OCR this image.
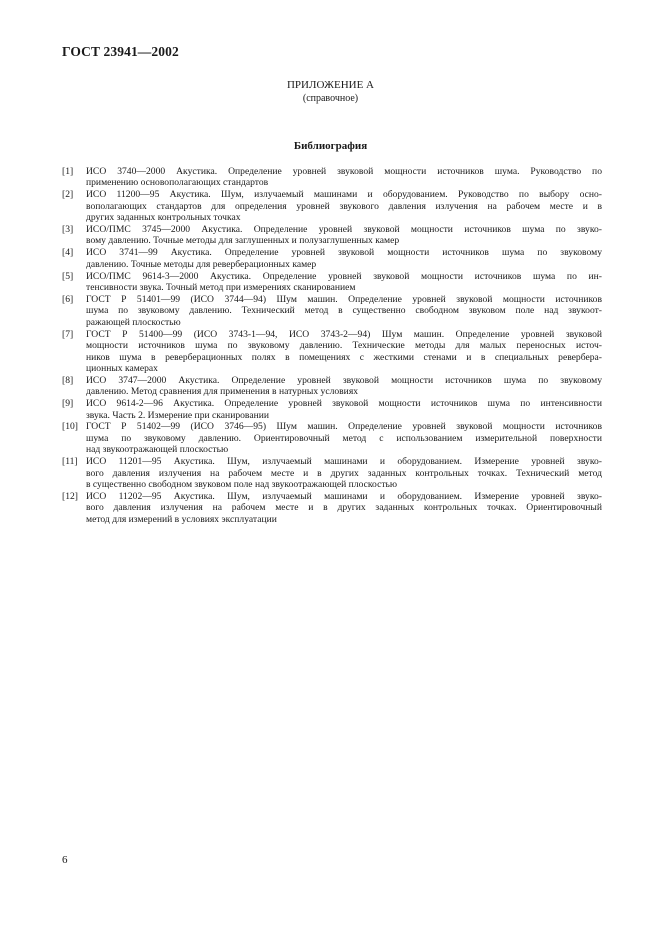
ГОСТ 23941—2002
ПРИЛОЖЕНИЕ А
(справочное)
Библиография
[1]	ИСО 3740—2000 Акустика. Определение уровней звуковой мощности источников шума. Руководство по
применению основополагающих стандартов
[2]	ИСО 11200—95 Акустика. Шум, излучаемый машинами и оборудованием. Руководство по выбору осно-
вополагающих стандартов для определения уровней звукового давления излучения на рабочем месте и в
других заданных контрольных точках
[3]	ИСО/ПМС 3745—2000 Акустика. Определение уровней звуковой мощности источников шума по звуко-
вому давлению. Точные методы для заглушенных и полузаглушенных камер
[4]	ИСО 3741—99 Акустика. Определение уровней звуковой мощности источников шума по звуковому
давлению. Точные методы для реверберационных камер
[5]	ИСО/ПМС 9614-3—2000 Акустика. Определение уровней звуковой мощности источников шума по ин-
тенсивности звука. Точный метод при измерениях сканированием
[6]	ГОСТ Р 51401—99 (ИСО 3744—94) Шум машин. Определение уровней звуковой мощности источников
шума по звуковому давлению. Технический метод в существенно свободном звуковом поле над звукоот-
ражающей плоскостью
[7]	ГОСТ Р 51400—99 (ИСО 3743-1—94, ИСО 3743-2—94) Шум машин. Определение уровней звуковой
мощности источников шума по звуковому давлению. Технические методы для малых переносных источ-
ников шума в реверберационных полях в помещениях с жесткими стенами и в специальных ревербера-
ционных камерах
[8]	ИСО 3747—2000 Акустика. Определение уровней звуковой мощности источников шума по звуковому
давлению. Метод сравнения для применения в натурных условиях
[9]	ИСО 9614-2—96 Акустика. Определение уровней звуковой мощности источников шума по интенсивности
звука. Часть 2. Измерение при сканировании
[10] ГОСТ Р 51402—99 (ИСО 3746—95) Шум машин. Определение уровней звуковой мощности источников
шума по звуковому давлению. Ориентировочный метод с использованием измерительной поверхности
над звукоотражающей плоскостью
[11] ИСО 11201—95 Акустика. Шум, излучаемый машинами и оборудованием. Измерение уровней звуко-
вого давления излучения на рабочем месте и в других заданных контрольных точках. Технический метод
в существенно свободном звуковом поле над звукоотражающей плоскостью
[12] ИСО 11202—95 Акустика. Шум, излучаемый машинами и оборудованием. Измерение уровней звуко-
вого давления излучения на рабочем месте и в других заданных контрольных точках. Ориентировочный
метод для измерений в условиях эксплуатации
6
